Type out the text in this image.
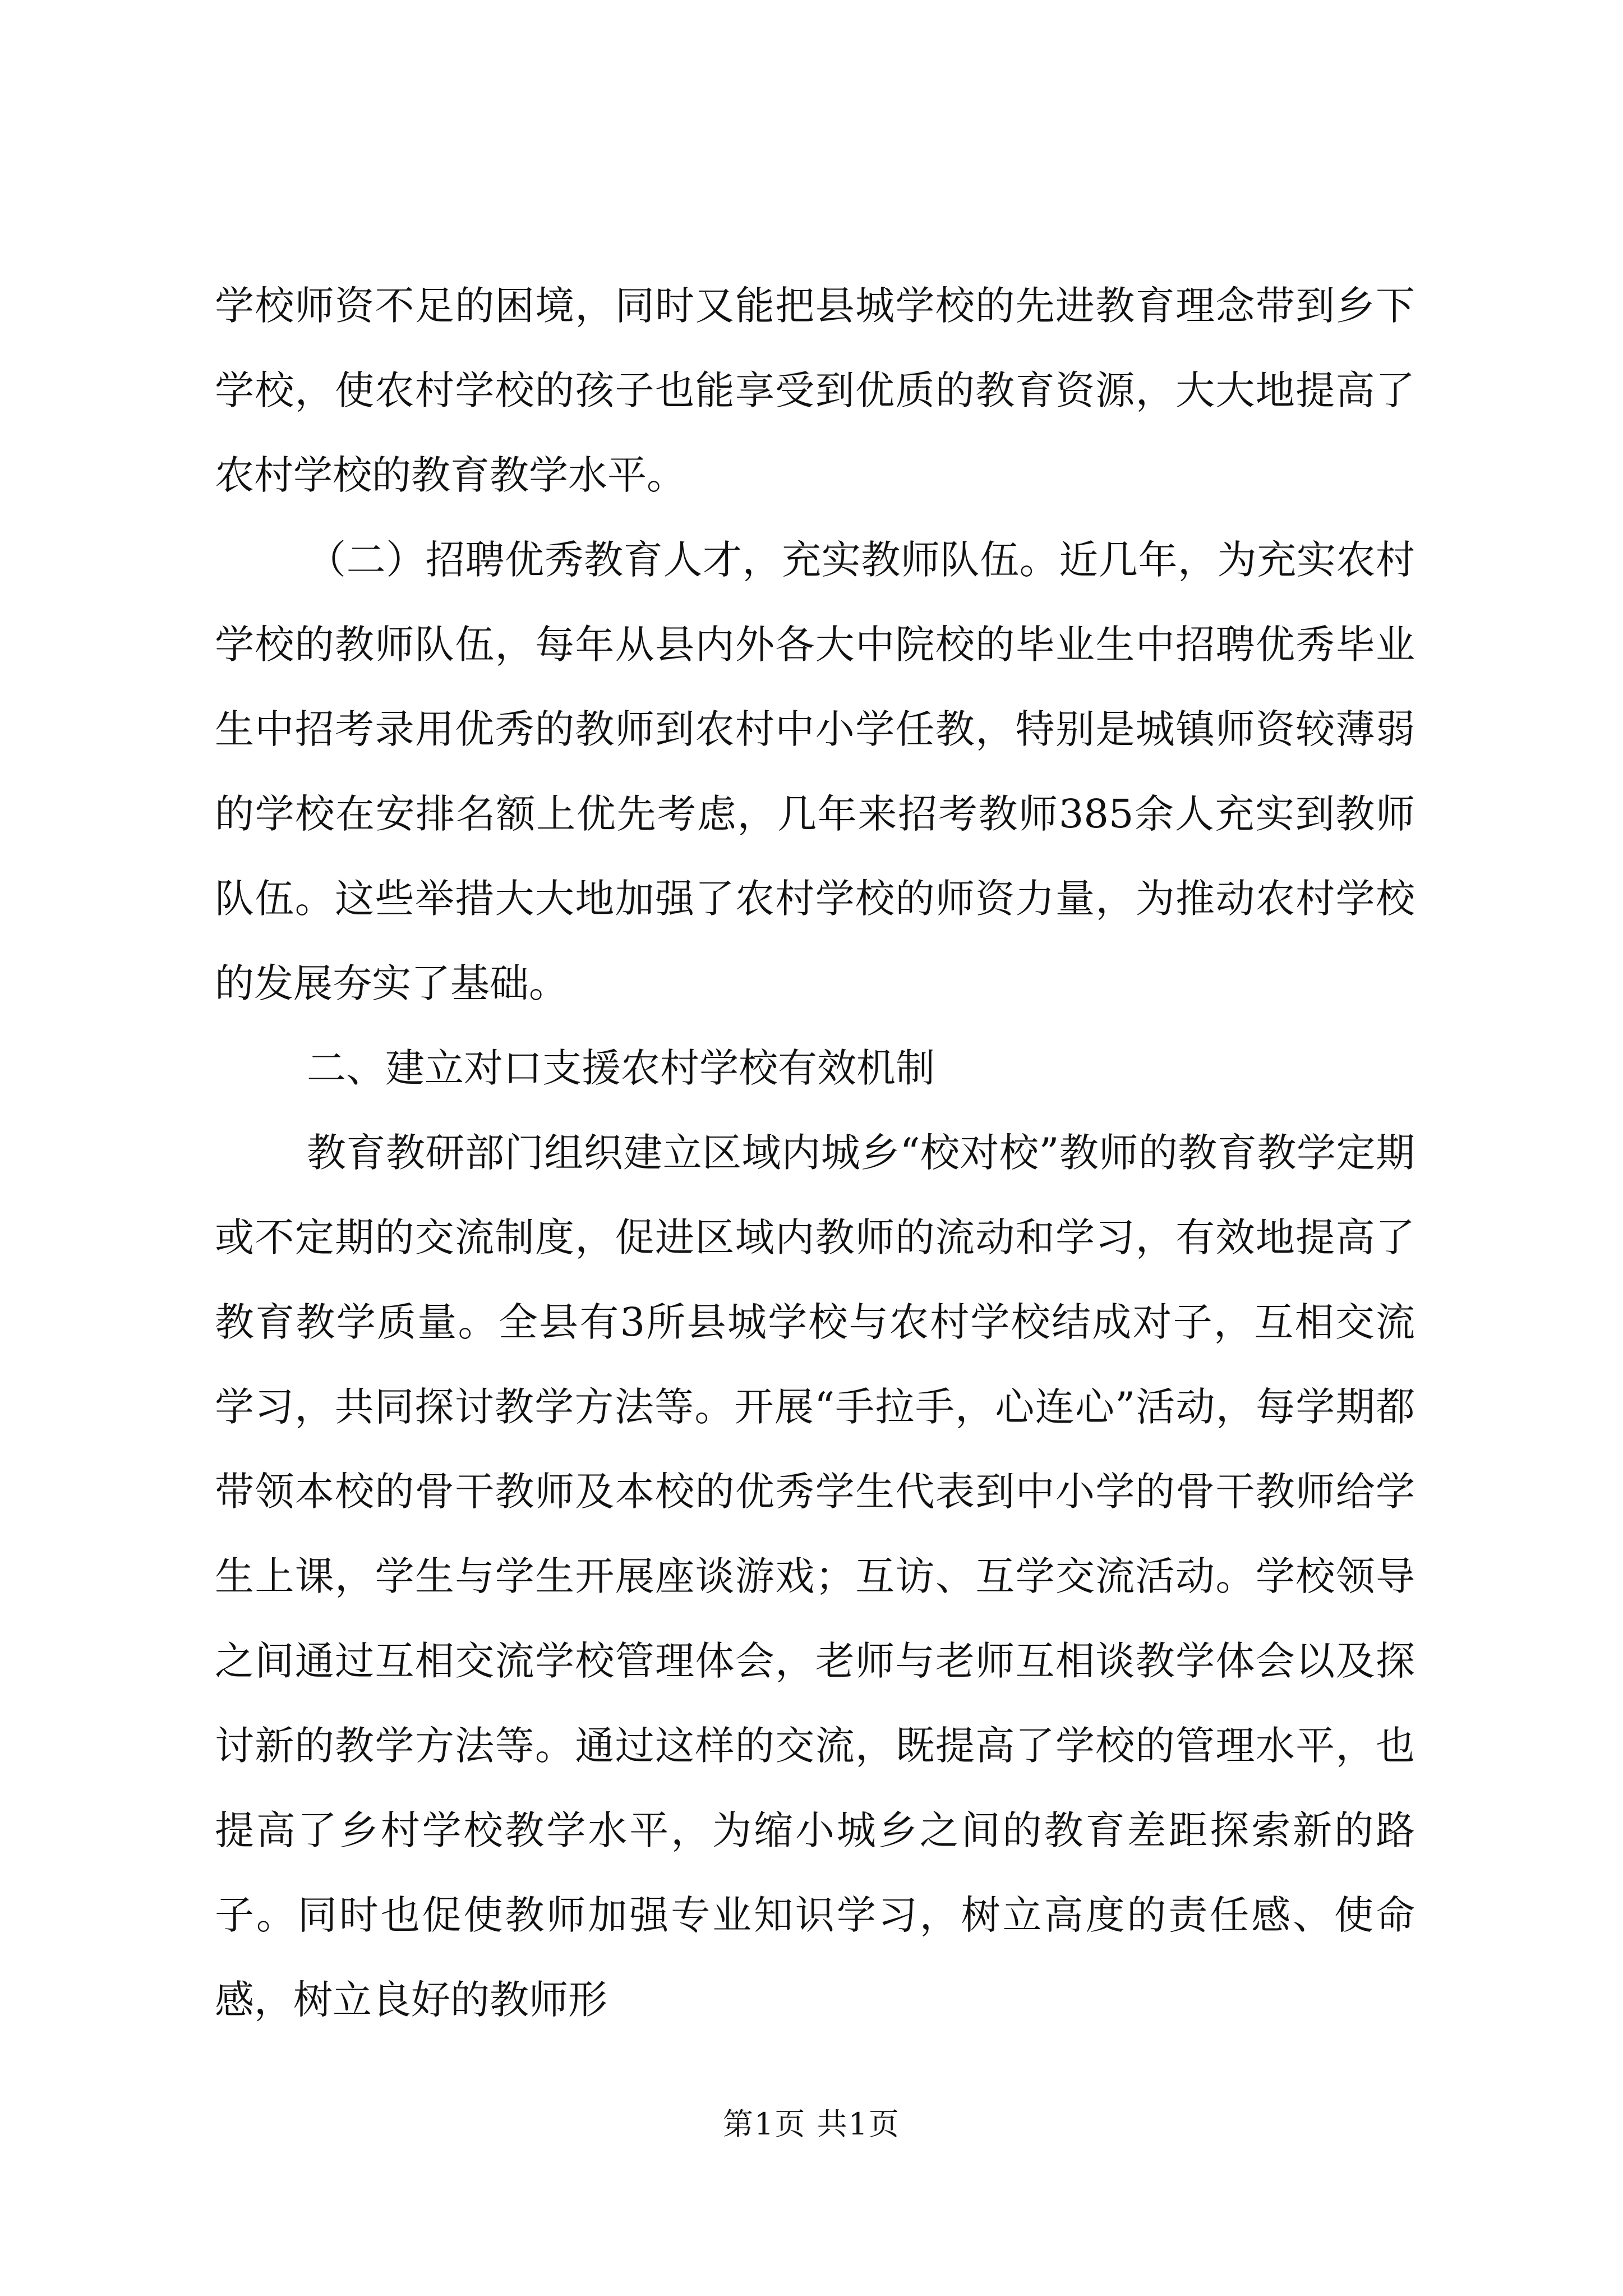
学校师资不足的困境，同时又能把县城学校的先进教育理念带到乡下学校，使农村学校的孩子也能享受到优质的教育资源，大大地提高了农村学校的教育教学水平。

（二）招聘优秀教育人才，充实教师队伍。近几年，为充实农村学校的教师队伍，每年从县内外各大中院校的毕业生中招聘优秀毕业生中招考录用优秀的教师到农村中小学任教，特别是城镇师资较薄弱的学校在安排名额上优先考虑，几年来招考教师385余人充实到教师队伍。这些举措大大地加强了农村学校的师资力量，为推动农村学校的发展夯实了基础。

二、建立对口支援农村学校有效机制

教育教研部门组织建立区域内城乡“校对校”教师的教育教学定期或不定期的交流制度，促进区域内教师的流动和学习，有效地提高了教育教学质量。全县有3所县城学校与农村学校结成对子，互相交流学习，共同探讨教学方法等。开展“手拉手，心连心”活动，每学期都带领本校的骨干教师及本校的优秀学生代表到中小学的骨干教师给学生上课，学生与学生开展座谈游戏；互访、互学交流活动。学校领导之间通过互相交流学校管理体会，老师与老师互相谈教学体会以及探讨新的教学方法等。通过这样的交流，既提高了学校的管理水平，也提高了乡村学校教学水平，为缩小城乡之间的教育差距探索新的路子。同时也促使教师加强专业知识学习，树立高度的责任感、使命感，树立良好的教师形

第1页 共1页
